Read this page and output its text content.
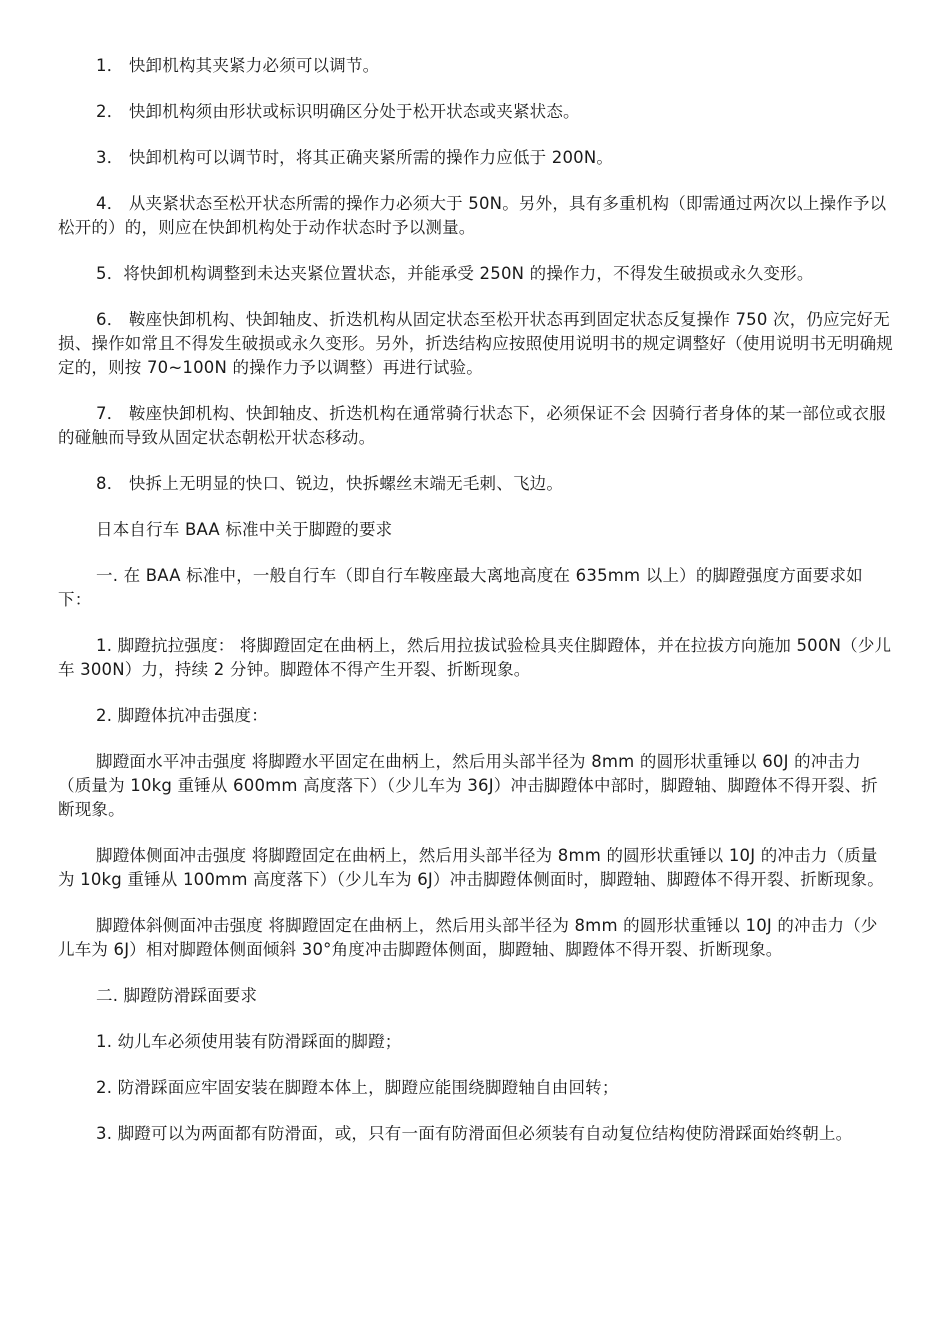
1． 快卸机构其夹紧力必须可以调节。

2． 快卸机构须由形状或标识明确区分处于松开状态或夹紧状态。

3． 快卸机构可以调节时，将其正确夹紧所需的操作力应低于 200N。

4． 从夹紧状态至松开状态所需的操作力必须大于 50N。另外，具有多重机构（即需通过两次以上操作予以松开的）的，则应在快卸机构处于动作状态时予以测量。

5．将快卸机构调整到未达夹紧位置状态，并能承受 250N 的操作力，不得发生破损或永久变形。

6． 鞍座快卸机构、快卸轴皮、折迭机构从固定状态至松开状态再到固定状态反复操作 750 次，仍应完好无损、操作如常且不得发生破损或永久变形。另外，折迭结构应按照使用说明书的规定调整好（使用说明书无明确规定的，则按 70~100N 的操作力予以调整）再进行试验。

7． 鞍座快卸机构、快卸轴皮、折迭机构在通常骑行状态下，必须保证不会 因骑行者身体的某一部位或衣服的碰触而导致从固定状态朝松开状态移动。

8． 快拆上无明显的快口、锐边，快拆螺丝末端无毛刺、飞边。

日本自行车 BAA 标准中关于脚蹬的要求

一. 在 BAA 标准中，一般自行车（即自行车鞍座最大离地高度在 635mm 以上）的脚蹬强度方面要求如下：

1. 脚蹬抗拉强度： 将脚蹬固定在曲柄上，然后用拉拔试验检具夹住脚蹬体，并在拉拔方向施加 500N（少儿车 300N）力，持续 2 分钟。脚蹬体不得产生开裂、折断现象。

2. 脚蹬体抗冲击强度：

脚蹬面水平冲击强度 将脚蹬水平固定在曲柄上，然后用头部半径为 8mm 的圆形状重锤以 60J 的冲击力（质量为 10kg 重锤从 600mm 高度落下）（少儿车为 36J）冲击脚蹬体中部时，脚蹬轴、脚蹬体不得开裂、折断现象。

脚蹬体侧面冲击强度 将脚蹬固定在曲柄上，然后用头部半径为 8mm 的圆形状重锤以 10J 的冲击力（质量为 10kg 重锤从 100mm 高度落下）（少儿车为 6J）冲击脚蹬体侧面时，脚蹬轴、脚蹬体不得开裂、折断现象。

脚蹬体斜侧面冲击强度 将脚蹬固定在曲柄上，然后用头部半径为 8mm 的圆形状重锤以 10J 的冲击力（少儿车为 6J）相对脚蹬体侧面倾斜 30°角度冲击脚蹬体侧面，脚蹬轴、脚蹬体不得开裂、折断现象。

二. 脚蹬防滑踩面要求

1. 幼儿车必须使用装有防滑踩面的脚蹬；

2. 防滑踩面应牢固安装在脚蹬本体上，脚蹬应能围绕脚蹬轴自由回转；

3. 脚蹬可以为两面都有防滑面，或，只有一面有防滑面但必须装有自动复位结构使防滑踩面始终朝上。
